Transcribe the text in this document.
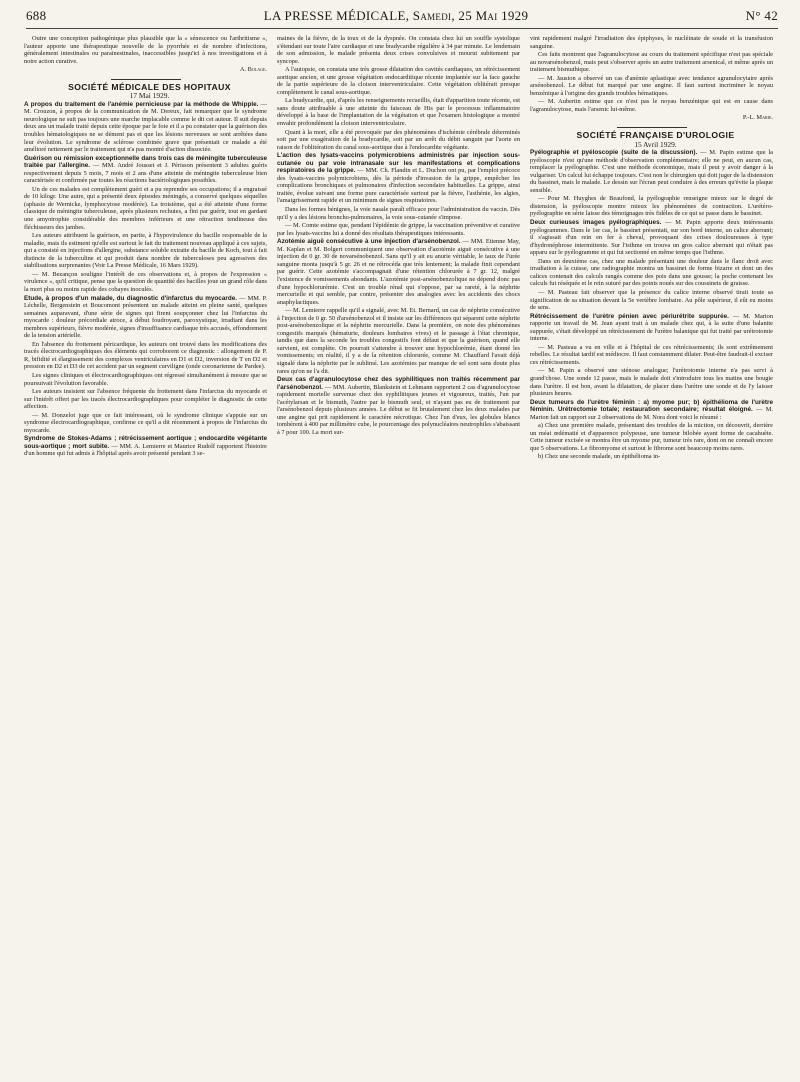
688	LA PRESSE MÉDICALE, Samedi, 25 Mai 1929	N° 42

Outre une conception pathogénique plus plausible que la « sénescence ou l'arthritisme », l'auteur apporte une thérapeutique nouvelle de la pyorrhée et de nombre d'infections, généralement intestinales ou parainestinales, inaccessibles jusqu'ici à nos investigations et à notre action curative.

A. Bolage.

SOCIÉTÉ MÉDICALE DES HOPITAUX

17 Mai 1929.

A propos du traitement de l'anémie pernicieuse par la méthode de Whipple. — M. Crouzon, à propos de la communication de M. Dereux, fait remarquer que le syndrome neurologique ne suit pas toujours une marche implacable comme le dit cet auteur. Il suit depuis deux ans un malade traité depuis cette époque par le foie et il a pu constater que la guérison des troubles hématologiques ne se dément pas et que les lésions nerveuses se sont arrêtées dans leur évolution. Le syndrome de sclérose combinée grave que présentait ce malade a été amélioré nettement par le traitement qui n'a pas montré d'action dissociée.

Guérison ou rémission exceptionnelle dans trois cas de méningite tuberculeuse traitée par l'allergine. — MM. André Jousset et J. Périsson présentent 3 adultes guéris respectivement depuis 5 mois, 7 mois et 2 ans d'une atteinte de méningite tuberculeuse bien caractérisée et confirmée par toutes les réactions bactériologiques possibles.

Un de ces malades est complètement guéri et a pu reprendre ses occupations; il a engraissé de 10 kilogr. Une autre, qui a présenté deux épisodes méningés, a conservé quelques séquelles (aphasie de Wernicke, lymphocytose modérée). La troisième, qui a été atteinte d'une forme classique de méningite tuberculeuse, après plusieurs rechutes, a fini par guérir, tout en gardant une amyotrophie considérable des membres inférieurs et une rétraction tendineuse des fléchisseurs des jambes.

Les auteurs attribuent la guérison, en partie, à l'hypovirulence du bacille responsable de la maladie, mais ils estiment qu'elle est surtout le fait du traitement nouveau appliqué à ces sujets, qui a consisté en injections d'allergine, substance soluble extraite du bacille de Koch, tout à fait distincte de la tuberculine et qui produit dans nombre de tuberculoses peu agressives des stabilisations surprenantes (Voir La Presse Médicale, 16 Mars 1929).

— M. Bezançon souligne l'intérêt de ces observations et, à propos de l'expression « virulence », qu'il critique, pense que la question de quantité des bacilles joue un grand rôle dans la mort plus ou moins rapide des cobayes inoculés.

Etude, à propos d'un malade, du diagnostic d'infarctus du myocarde. — MM. P. Léchelle, Bergenstein et Boucomont présentent un malade atteint en pleine santé, quelques semaines auparavant, d'une série de signes qui firent soupçonner chez lui l'infarctus du myocarde : douleur précordiale atroce, à début foudroyant, paroxystique, irradiant dans les membres supérieurs, fièvre modérée, signes d'insuffisance cardiaque très accusés, effondrement de la tension artérielle.

En l'absence du frottement péricardique, les auteurs ont trouvé dans les modifications des tracés électrocardiographiques des éléments qui corroborent ce diagnostic : allongement de P. R, bifidité et élargissement des complexes ventriculaires en D1 et D2, inversion de T en D2 et pression en D2 et D3 de cet accident par un segment curviligne (onde coronarienne de Pardee).

Les signes cliniques et électrocardiographiques ont régressé simultanément à mesure que se poursuivait l'évolution favorable.

Les auteurs insistent sur l'absence fréquente du frottement dans l'infarctus du myocarde et sur l'intérêt offert par les tracés électrocardiographiques pour compléter le diagnostic de cette affection.

— M. Donzelot juge que ce fait intéressant, où le syndrome clinique s'appuie sur un syndrome électrocardiographique, confirme ce qu'il a dit récemment à propos de l'infarctus du myocarde.

Syndrome de Stokes-Adams ; rétrécissement aortique ; endocardite végétante sous-aortique ; mort subite. — MM. A. Lemierre et Maurice Rudolf rapportent l'histoire d'un homme qui fut admis à l'hôpital après avoir présenté pendant 3 se-

maines de la fièvre, de la toux et de la dyspnée. On constata chez lui un souffle systolique s'étendant sur toute l'aire cardiaque et une bradycardie régulière à 34 par minute. Le lendemain de son admission, le malade présenta deux crises convulsives et mourut subitement par syncope.

A l'autopsie, on constata une très grosse dilatation des cavités cardiaques, un rétrécissement aortique ancien, et une grosse végétation endocarditique récente implantée sur la face gauche de la partie supérieure de la cloison interventriculaire. Cette végétation oblitérait presque complètement le canal sous-aortique.

La bradycardie, qui, d'après les renseignements recueillis, était d'apparition toute récente, est sans doute attribuable à une atteinte du faisceau de His par le processus inflammatoire développé à la base de l'implantation de la végétation et que l'examen histologique a montré envahir profondément la cloison interventriculaire.

Quant à la mort, elle a été provoquée par des phénomènes d'ischémie cérébrale déterminés soit par une exagération de la bradycardie, soit par un arrêt du débit sanguin par l'aorte en raison de l'oblitération du canal sous-aortique due à l'endocardite végétante.

L'action des lysats-vaccins polymicrobiens administrés par injection sous-cutanée ou par voie intranasale sur les manifestations et complications respiratoires de la grippe. — MM. Ch. Flandin et L. Duchon ont pu, par l'emploi précoce des lysats-vaccins polymicrobiens, dès la période d'invasion de la grippe, empêcher les complications bronchiques et pulmonaires d'infection secondaire habituelles. La grippe, ainsi traitée, évolue suivant une forme pure caractérisée surtout par la fièvre, l'asthénie, les algies, l'amaigrissement rapide et un minimum de signes respiratoires.

Dans les formes bénignes, la voie nasale paraît efficace pour l'administration du vaccin. Dès qu'il y a des lésions broncho-pulmonaires, la voie sous-cutanée s'impose.

— M. Comte estime que, pendant l'épidémie de grippe, la vaccination préventive et curative par les lysats-vaccins lui a donné des résultats thérapeutiques intéressants.

Azotémie aiguë consécutive à une injection d'arsénobenzol. — MM. Etienne May, M. Kaplan et M. Bolgert communiquent une observation d'azotémie aiguë consécutive à une injection de 0 gr. 30 de novarsénobenzol. Sans qu'il y ait eu anurie véritable, le taux de l'urée sanguine monta jusqu'à 5 gr. 26 et ne rétrocéda que très lentement; la malade finit cependant par guérir. Cette azotémie s'accompagnait d'une rétention chlorurée à 7 gr. 12, malgré l'existence de vomissements abondants. L'azotémie post-arsénobenzolique ne dépend donc pas d'une hypochlorurémie. C'est un trouble rénal qui s'oppose, par sa rareté, à la néphrite mercurielle et qui semble, par contre, présenter des analogies avec les accidents des chocs anaphylactiques.

— M. Lemierre rappelle qu'il a signalé, avec M. Et. Bernard, un cas de néphrite consécutive à l'injection de 0 gr. 50 d'arsénobenzol et il insiste sur les différences qui séparent cette néphrite post-arsénobenzolique et la néphrite mercurielle. Dans la première, on note des phénomènes congestifs marqués (hématurie, douleurs lombaires vives) et le passage à l'état chronique, tandis que dans la seconde les troubles congestifs font défaut et que la guérison, quand elle survient, est complète. On pourrait s'attendre à trouver une hypochlorémie, étant donné les vomissements; en réalité, il y a de la rétention chlorurée, comme M. Chauffard l'avait déjà signalé dans la néphrite par le sublimé. Les azotémies par manque de sel sont sans doute plus rares qu'on ne l'a dit.

Deux cas d'agranulocytose chez des syphilitiques non traités récemment par l'arsénobenzol. — MM. Aubertin, Blankstein et Lehmann rapportent 2 cas d'agranulocytose rapidement mortelle survenue chez des syphilitiques jeunes et vigoureux, traités, l'un par l'acétylarsan et le bismuth, l'autre par le bismuth seul, et n'ayant pas eu de traitement par l'arsénobenzol depuis plusieurs années. Le début se fit brutalement chez les deux malades par une angine qui prit rapidement le caractère nécrotique. Chez l'un d'eux, les globules blancs tombèrent à 400 par millimètre cube, le pourcentage des polynucléaires neutrophiles s'abaissant à 7 pour 100. La mort sur-

vint rapidement malgré l'irradiation des épiphyses, le nucléinate de soude et la transfusion sanguine.

Ces faits montrent que l'agranulocytose au cours du traitement spécifique n'est pas spéciale au novarsénobenzol, mais peut s'observer après un autre traitement arsenical, et même après un traitement bismuthique.

— M. Jausion a observé un cas d'anémie aplastique avec tendance agranulocytaire après arsénobenzol. Le début fut marqué par une angine. Il faut surtout incriminer le noyau benzénique à l'origine des grands troubles hématiques.

— M. Aubertin estime que ce n'est pas le noyau benzénique qui est en cause dans l'agranulocytose, mais l'arsenic lui-même.

P.-L. Marie.

SOCIÉTÉ FRANÇAISE D'UROLOGIE

15 Avril 1929.

Pyélographie et pyéloscopie (suite de la discussion). — M. Papin estime que la pyéloscopie n'est qu'une méthode d'observation complémentaire; elle ne peut, en aucun cas, remplacer la pyélographie. C'est une méthode économique, mais il peut y avoir danger à la vulgariser. Un calcul lui échappe toujours. C'est non le chirurgien qui doit juger de la distension du bassinet, mais le malade. Le dessin sur l'écran peut conduire à des erreurs qu'évite la plaque sensible.

— Pour M. Huyghes de Beaufond, la pyélographie renseigne mieux sur le degré de distension, la pyéloscopie montre mieux les phénomènes de contraction. L'urétéro-pyélographie en série laisse des témoignages très fidèles de ce qui se passe dans le bassinet.

Deux curieuses images pyélographiques. — M. Papin apporte deux intéressants pyélogrammes. Dans le 1er cas, le bassinet présentait, sur son bord interne, un calice aberrant; il s'agissait d'un rein en fer à cheval, provoquant des crises douloureuses à type d'hydronéphrose intermittente. Sur l'isthme on trouva un gros calice aberrant qui n'était pas apparu sur le pyélogramme et qui fut sectionné en même temps que l'isthme.

Dans un deuxième cas, chez une malade présentant une douleur dans le flanc droit avec irradiation à la cuisse, une radiographie montra un bassinet de forme bizarre et dont un des calices contenait des calculs rangés comme des pois dans une gousse; la poche contenant les calculs fut réséquée et le rein suturé par des points noués sur des coussinets de graisse.

— M. Pasteau fait observer que la présence du calice interne observé tirait toute sa signification de sa situation devant la 5e vertèbre lombaire. Au pôle supérieur, il eût eu moins de sens.

Rétrécissement de l'urètre pénien avec périurétrite suppurée. — M. Marion rapporte un travail de M. Jean ayant trait à un malade chez qui, à la suite d'une balanite suppurée, s'était développé un rétrécissement de l'urètre balanique qui fut traité par urétrotomie interne.

— M. Pasteau a vu en ville et à l'hôpital de ces rétrécissements; ils sont extrêmement rebelles. Le résultat tardif est médiocre. Il faut constamment dilater. Peut-être faudrait-il exciser ces rétrécissements.

— M. Papin a observé une sténose analogue; l'urétrotomie interne n'a pas servi à grand'chose. Une sonde 12 passe, mais le malade doit s'introduire tous les matins une bougie dans l'urètre. Il est bon, avant la dilatation, de placer dans l'urètre une sonde et de l'y laisser plusieurs heures.

Deux tumeurs de l'urètre féminin : a) myome pur; b) épithélioma de l'urètre féminin. Urétrectomie totale; restauration secondaire; résultat éloigné. — M. Marion fait un rapport sur 2 observations de M. Nora dont voici le résumé :

a) Chez une première malade, présentant des troubles de la miction, on découvrit, derrière un méat œdématié et d'apparence polypeuse, une tumeur bilobée ayant forme de cacahuète. Cette tumeur excisée se montra être un myome pur, tumeur très rare, dont on ne connaît encore que 5 observations. Le fibromyome et surtout le fibrome sont beaucoup moins rares.

b) Chez une seconde malade, un épithélioma in-
